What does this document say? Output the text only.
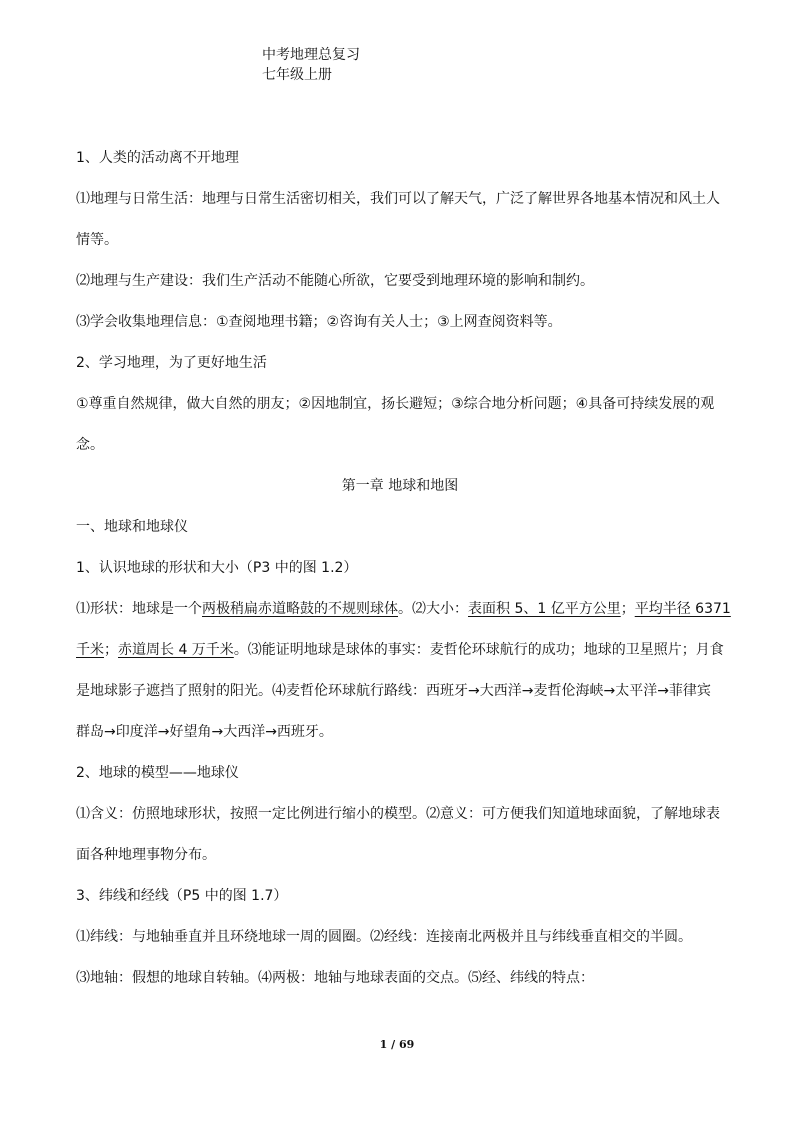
中考地理总复习
七年级上册
1、人类的活动离不开地理
⑴地理与日常生活：地理与日常生活密切相关，我们可以了解天气，广泛了解世界各地基本情况和风土人
情等。
⑵地理与生产建设：我们生产活动不能随心所欲，它要受到地理环境的影响和制约。
⑶学会收集地理信息：①查阅地理书籍；②咨询有关人士；③上网查阅资料等。
2、学习地理，为了更好地生活
①尊重自然规律，做大自然的朋友；②因地制宜，扬长避短；③综合地分析问题；④具备可持续发展的观
念。
第一章 地球和地图
一、地球和地球仪
1、认识地球的形状和大小（P3 中的图 1.2）
⑴形状：地球是一个两极稍扁赤道略鼓的不规则球体。⑵大小：表面积 5、1 亿平方公里；平均半径 6371
千米；赤道周长 4 万千米。⑶能证明地球是球体的事实：麦哲伦环球航行的成功；地球的卫星照片；月食
是地球影子遮挡了照射的阳光。⑷麦哲伦环球航行路线：西班牙→大西洋→麦哲伦海峡→太平洋→菲律宾
群岛→印度洋→好望角→大西洋→西班牙。
2、地球的模型——地球仪
⑴含义：仿照地球形状，按照一定比例进行缩小的模型。⑵意义：可方便我们知道地球面貌，了解地球表
面各种地理事物分布。
3、纬线和经线（P5 中的图 1.7）
⑴纬线：与地轴垂直并且环绕地球一周的圆圈。⑵经线：连接南北两极并且与纬线垂直相交的半圆。
⑶地轴：假想的地球自转轴。⑷两极：地轴与地球表面的交点。⑸经、纬线的特点：
1 / 69
